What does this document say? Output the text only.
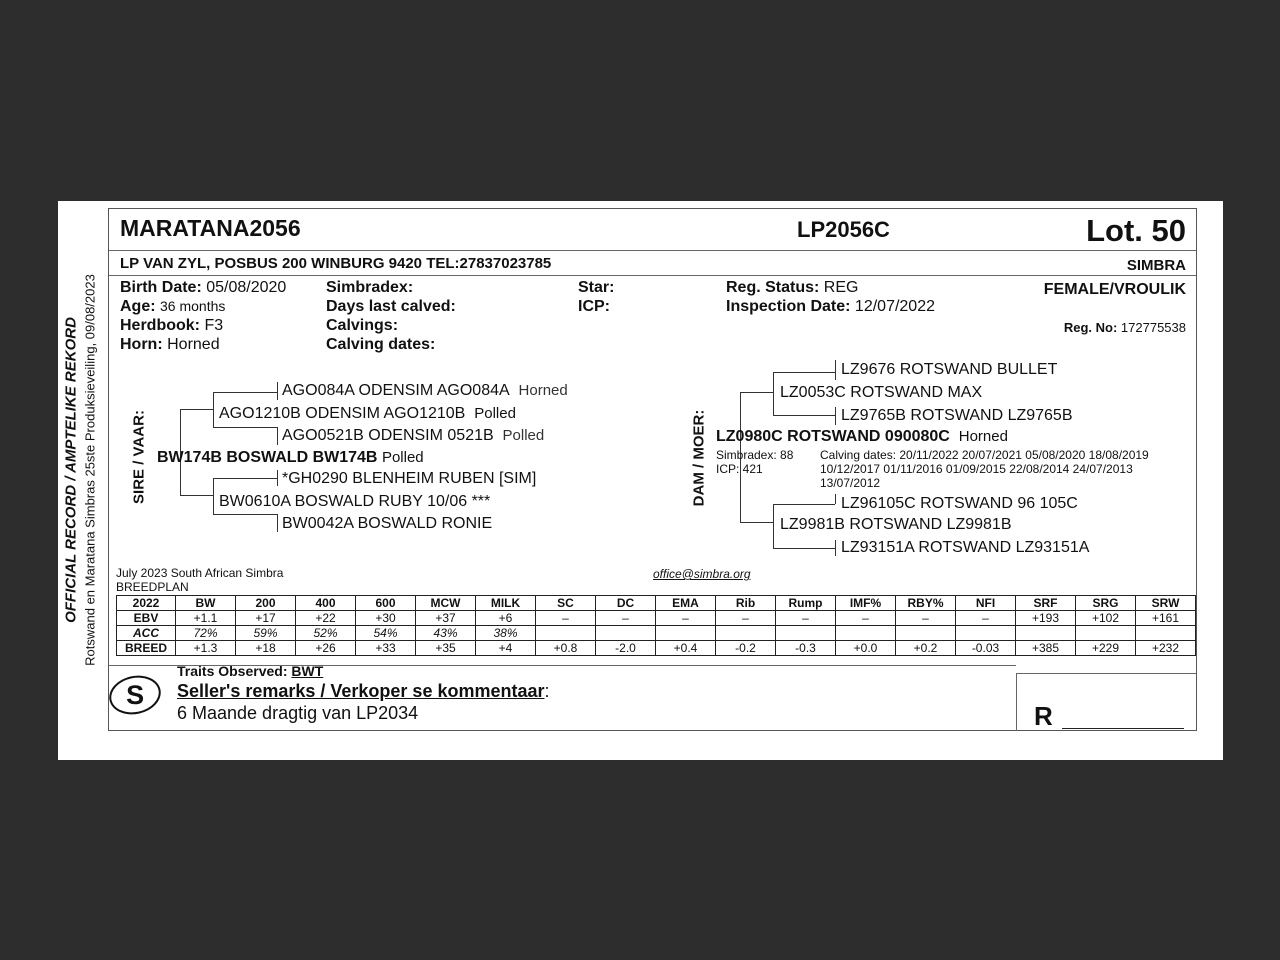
OFFICIAL RECORD / AMPTELIKE REKORD Rotswand en Maratana Simbras 25ste Produksieveiling, 09/08/2023
MARATANA2056	LP2056C	Lot. 50
LP VAN ZYL, POSBUS 200 WINBURG 9420 TEL:27837023785	SIMBRA
Birth Date: 05/08/2020
Age: 36 months
Herdbook: F3
Horn: Horned
Simbradex:
Days last calved:
Calvings:
Calving dates:
Star:
ICP:
Reg. Status: REG
Inspection Date: 12/07/2022
FEMALE/VROULIK
Reg. No: 172775538
SIRE / VAAR:
AGO084A ODENSIM AGO084A Horned
AGO0521B ODENSIM 0521B Polled
AGO1210B ODENSIM AGO1210B Polled
BW174B BOSWALD BW174B Polled
*GH0290 BLENHEIM RUBEN [SIM]
BW0610A BOSWALD RUBY 10/06 ***
BW0042A BOSWALD RONIE
DAM / MOER:
LZ9676 ROTSWAND BULLET
LZ0053C ROTSWAND MAX
LZ9765B ROTSWAND LZ9765B
LZ0980C ROTSWAND 090080C Horned
Simbradex: 88
ICP: 421
Calving dates: 20/11/2022 20/07/2021 05/08/2020 18/08/2019
10/12/2017 01/11/2016 01/09/2015 22/08/2014 24/07/2013
13/07/2012
LZ96105C ROTSWAND 96 105C
LZ9981B ROTSWAND LZ9981B
LZ93151A ROTSWAND LZ93151A
July 2023 South African Simbra
BREEDPLAN
office@simbra.org
2022	BW	200	400	600	MCW	MILK	SC	DC	EMA	Rib	Rump	IMF%	RBY%	NFI	SRF	SRG	SRW
EBV	+1.1	+17	+22	+30	+37	+6	–	–	–	–	–	–	–	–	+193	+102	+161
ACC	72%	59%	52%	54%	43%	38%											
BREED	+1.3	+18	+26	+33	+35	+4	+0.8	-2.0	+0.4	-0.2	-0.3	+0.0	+0.2	-0.03	+385	+229	+232
S
Traits Observed: BWT
Seller's remarks / Verkoper se kommentaar:
6 Maande dragtig van LP2034	R
